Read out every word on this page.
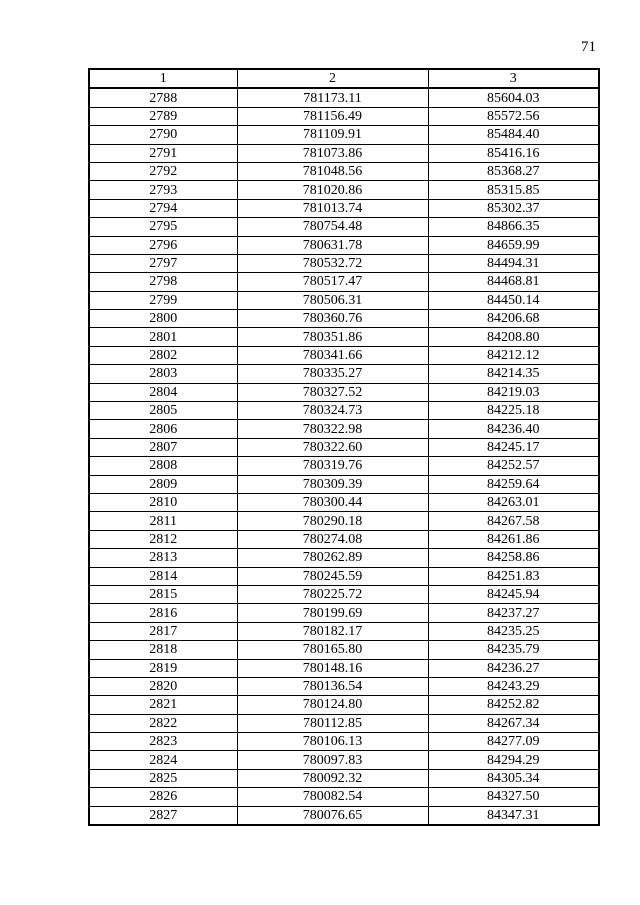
71
1	2	3
2788	781173.11	85604.03
2789	781156.49	85572.56
2790	781109.91	85484.40
2791	781073.86	85416.16
2792	781048.56	85368.27
2793	781020.86	85315.85
2794	781013.74	85302.37
2795	780754.48	84866.35
2796	780631.78	84659.99
2797	780532.72	84494.31
2798	780517.47	84468.81
2799	780506.31	84450.14
2800	780360.76	84206.68
2801	780351.86	84208.80
2802	780341.66	84212.12
2803	780335.27	84214.35
2804	780327.52	84219.03
2805	780324.73	84225.18
2806	780322.98	84236.40
2807	780322.60	84245.17
2808	780319.76	84252.57
2809	780309.39	84259.64
2810	780300.44	84263.01
2811	780290.18	84267.58
2812	780274.08	84261.86
2813	780262.89	84258.86
2814	780245.59	84251.83
2815	780225.72	84245.94
2816	780199.69	84237.27
2817	780182.17	84235.25
2818	780165.80	84235.79
2819	780148.16	84236.27
2820	780136.54	84243.29
2821	780124.80	84252.82
2822	780112.85	84267.34
2823	780106.13	84277.09
2824	780097.83	84294.29
2825	780092.32	84305.34
2826	780082.54	84327.50
2827	780076.65	84347.31
